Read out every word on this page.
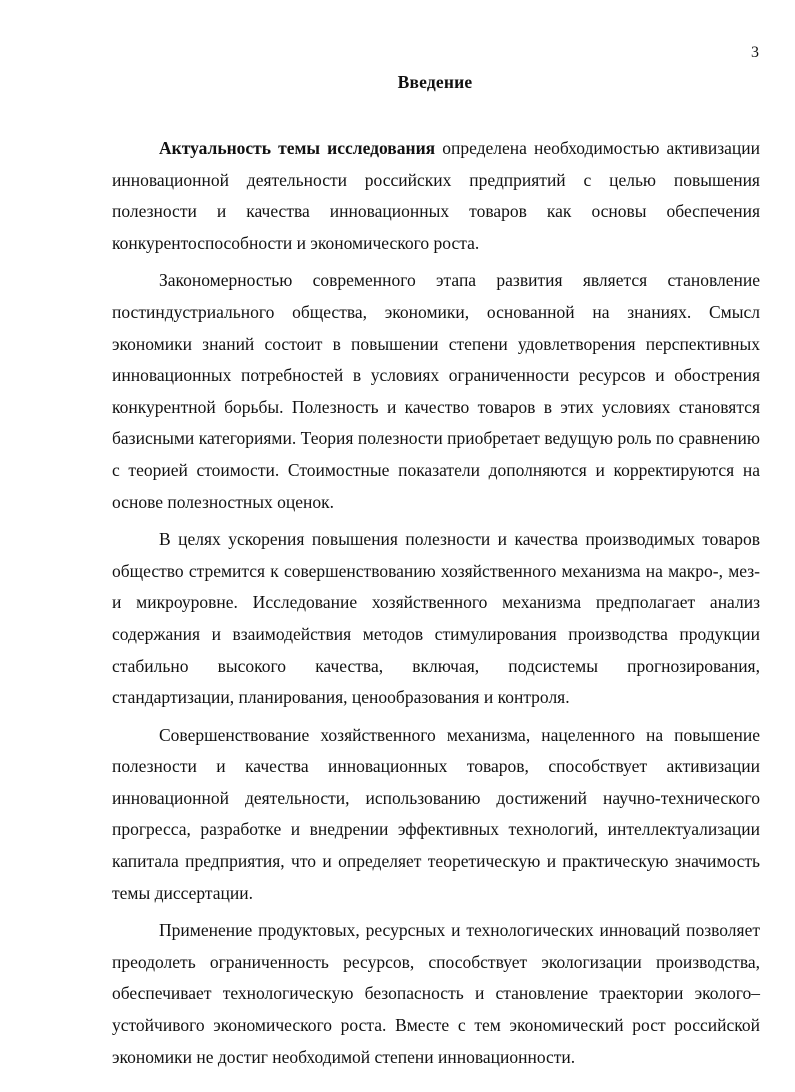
3
Введение

Актуальность темы исследования определена необходимостью активизации инновационной деятельности российских предприятий с целью повышения полезности и качества инновационных товаров как основы обеспечения конкурентоспособности и экономического роста.

Закономерностью современного этапа развития является становление постиндустриального общества, экономики, основанной на знаниях. Смысл экономики знаний состоит в повышении степени удовлетворения перспективных инновационных потребностей в условиях ограниченности ресурсов и обострения конкурентной борьбы. Полезность и качество товаров в этих условиях становятся базисными категориями. Теория полезности приобретает ведущую роль по сравнению с теорией стоимости. Стоимостные показатели дополняются и корректируются на основе полезностных оценок.

В целях ускорения повышения полезности и качества производимых товаров общество стремится к совершенствованию хозяйственного механизма на макро-, мез- и микроуровне. Исследование хозяйственного механизма предполагает анализ содержания и взаимодействия методов стимулирования производства продукции стабильно высокого качества, включая, подсистемы прогнозирования, стандартизации, планирования, ценообразования и контроля.

Совершенствование хозяйственного механизма, нацеленного на повышение полезности и качества инновационных товаров, способствует активизации инновационной деятельности, использованию достижений научно-технического прогресса, разработке и внедрении эффективных технологий, интеллектуализации капитала предприятия, что и определяет теоретическую и практическую значимость темы диссертации.

Применение продуктовых, ресурсных и технологических инноваций позволяет преодолеть ограниченность ресурсов, способствует экологизации производства, обеспечивает технологическую безопасность и становление траектории эколого–устойчивого экономического роста. Вместе с тем экономический рост российской экономики не достиг необходимой степени инновационности.
